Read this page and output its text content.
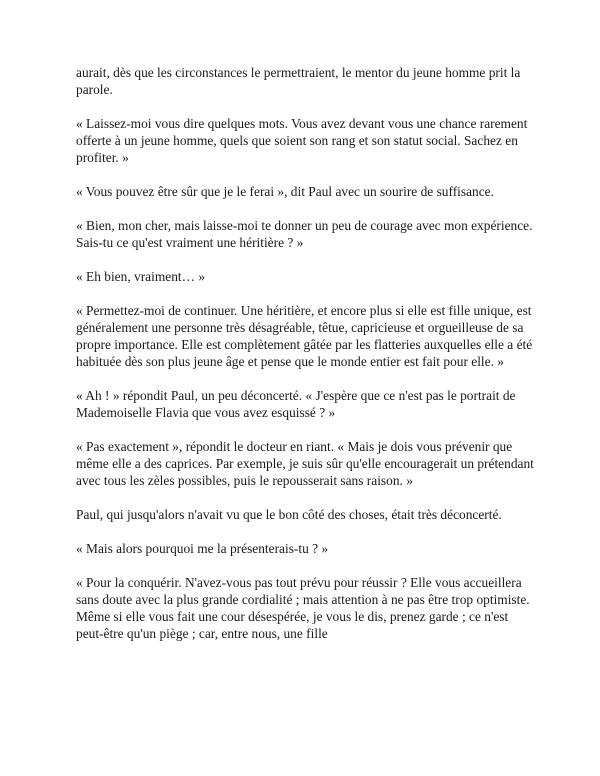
aurait, dès que les circonstances le permettraient, le mentor du jeune homme prit la parole.

« Laissez-moi vous dire quelques mots. Vous avez devant vous une chance rarement offerte à un jeune homme, quels que soient son rang et son statut social. Sachez en profiter. »

« Vous pouvez être sûr que je le ferai », dit Paul avec un sourire de suffisance.

« Bien, mon cher, mais laisse-moi te donner un peu de courage avec mon expérience. Sais-tu ce qu'est vraiment une héritière ? »

« Eh bien, vraiment… »

« Permettez-moi de continuer. Une héritière, et encore plus si elle est fille unique, est généralement une personne très désagréable, têtue, capricieuse et orgueilleuse de sa propre importance. Elle est complètement gâtée par les flatteries auxquelles elle a été habituée dès son plus jeune âge et pense que le monde entier est fait pour elle. »

« Ah ! » répondit Paul, un peu déconcerté. « J'espère que ce n'est pas le portrait de Mademoiselle Flavia que vous avez esquissé ? »

« Pas exactement », répondit le docteur en riant. « Mais je dois vous prévenir que même elle a des caprices. Par exemple, je suis sûr qu'elle encouragerait un prétendant avec tous les zèles possibles, puis le repousserait sans raison. »

Paul, qui jusqu'alors n'avait vu que le bon côté des choses, était très déconcerté.

« Mais alors pourquoi me la présenterais-tu ? »

« Pour la conquérir. N'avez-vous pas tout prévu pour réussir ? Elle vous accueillera sans doute avec la plus grande cordialité ; mais attention à ne pas être trop optimiste. Même si elle vous fait une cour désespérée, je vous le dis, prenez garde ; ce n'est peut-être qu'un piège ; car, entre nous, une fille
